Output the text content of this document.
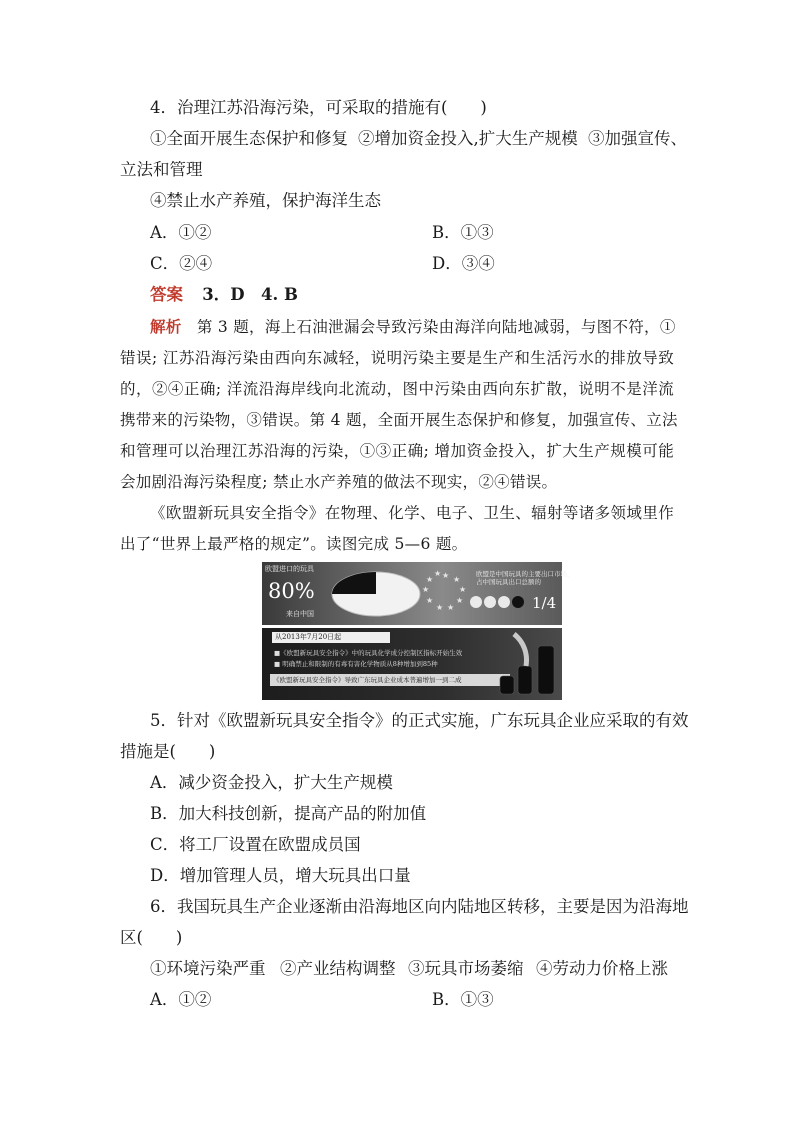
4．治理江苏沿海污染，可采取的措施有(　　)
①全面开展生态保护和修复 ②增加资金投入,扩大生产规模 ③加强宣传、
立法和管理
④禁止水产养殖，保护海洋生态
A．①②	B．①③
C．②④	D．③④
答案 3．D　4. B
解析 第 3 题，海上石油泄漏会导致污染由海洋向陆地减弱，与图不符，①
错误; 江苏沿海污染由西向东减轻，说明污染主要是生产和生活污水的排放导致
的，②④正确; 洋流沿海岸线向北流动，图中污染由西向东扩散，说明不是洋流
携带来的污染物，③错误。第 4 题，全面开展生态保护和修复，加强宣传、立法
和管理可以治理江苏沿海的污染，①③正确; 增加资金投入，扩大生产规模可能
会加剧沿海污染程度; 禁止水产养殖的做法不现实，②④错误。
《欧盟新玩具安全指令》在物理、化学、电子、卫生、辐射等诸多领域里作
出了“世界上最严格的规定”。读图完成 5—6 题。
欧盟进口的玩具
80%
来自中国
★ ★
★
★
★
★
★
★
★
★	欧盟是中国玩具的主要出口市场，
占中国玩具出口总额的
1/4
从2013年7月20日起
■《欧盟新玩具安全指令》中的玩具化学成分控制区指标开始生效
■ 明确禁止和限制的有毒有害化学物质从8种增加到85种
《欧盟新玩具安全指令》导致广东玩具企业成本普遍增加一到二成
5．针对《欧盟新玩具安全指令》的正式实施，广东玩具企业应采取的有效
措施是(　　)
A．减少资金投入，扩大生产规模
B．加大科技创新，提高产品的附加值
C．将工厂设置在欧盟成员国
D．增加管理人员，增大玩具出口量
6．我国玩具生产企业逐渐由沿海地区向内陆地区转移，主要是因为沿海地
区(　　)
①环境污染严重 ②产业结构调整 ③玩具市场萎缩 ④劳动力价格上涨
A．①②	B．①③
